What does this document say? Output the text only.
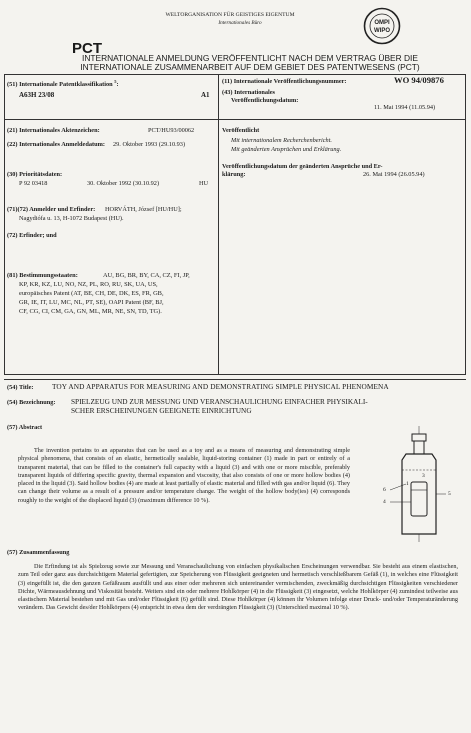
PCT
WELTORGANISATION FÜR GEISTIGES EIGENTUM
Internationales Büro	OMPI
WIPO
INTERNATIONALE ANMELDUNG VERÖFFENTLICHT NACH DEM VERTRAG ÜBER DIE
INTERNATIONALE ZUSAMMENARBEIT AUF DEM GEBIET DES PATENTWESENS (PCT)
(51) Internationale Patentklassifikation $^5$:
A63H 23/08	A1
(21) Internationales Aktenzeichen:	PCT/HU93/00062
(22) Internationales Anmeldedatum: 29. Oktober 1993 (29.10.93)
(30) Prioritätsdaten:
P 92 03418	30. Oktober 1992 (30.10.92)	HU
(71)(72) Anmelder und Erfinder: HORVÁTH, József [HU/HU];
Nagydiófa u. 13, H-1072 Budapest (HU).
(72) Erfinder; und
(81) Bestimmungsstaaten:	AU, BG, BR, BY, CA, CZ, FI, JP,
KP, KR, KZ, LU, NO, NZ, PL, RO, RU, SK, UA, US,
europäisches Patent (AT, BE, CH, DE, DK, ES, FR, GB,
GR, IE, IT, LU, MC, NL, PT, SE), OAPI Patent (BF, BJ,
CF, CG, CI, CM, GA, GN, ML, MR, NE, SN, TD, TG).
(11) Internationale Veröffentlichungsnummer:	WO 94/09876
(43) Internationales
Veröffentlichungsdatum:
11. Mai 1994 (11.05.94)
Veröffentlicht
Mit internationalem Recherchenbericht.
Mit geänderten Ansprüchen und Erklärung.
Veröffentlichungsdatum der geänderten Ansprüche und Er-
klärung:	26. Mai 1994 (26.05.94)
(54) Title:	TOY AND APPARATUS FOR MEASURING AND DEMONSTRATING SIMPLE PHYSICAL PHENOMENA
(54) Bezeichnung: SPIELZEUG UND ZUR MESSUNG UND VERANSCHAULICHUNG EINFACHER PHYSIKALI-
SCHER ERSCHEINUNGEN GEEIGNETE EINRICHTUNG
(57) Abstract
The invention pertains to an apparatus that can be used as a toy and as a means of measuring and demonstrating simple physical phenomena, that consists of an elastic, hermetically sealable, liquid-storing container (1) made in part or entirely of a transparent material, that can be filled to the container's full capacity with a liquid (3) and with one or more miscible, preferably transparent liquids of differing specific gravity, thermal expansion and viscosity, that also consists of one or more hollow bodies (4) placed in the liquid (3). Said hollow bodies (4) are made at least partially of elastic material and filled with gas and/or liquid (6). They can change their volume as a result of a pressure and/or temperature change. The weight of the hollow body(ies) (4) corresponds roughly to the weight of the displaced liquid (3) (maximum difference 10 %).
1
6
4
3
5
(57) Zusammenfassung
Die Erfindung ist als Spielzeug sowie zur Messung und Veranschaulichung von einfachen physikalischen Erscheinungen verwendbar. Sie besteht aus einem elastischen, zum Teil oder ganz aus durchsichtigem Material gefertigten, zur Speicherung von Flüssigkeit geeigneten und hermetisch verschließbarem Gefäß (1), in welches eine Flüssigkeit (3) eingefüllt ist, die den ganzen Gefäßraum ausfüllt und aus einer oder mehreren sich untereinander vermischenden, zweckmäßig durchsichtigen Flüssigkeiten verschiedener Dichte, Wärmeausdehnung und Viskosität besteht. Weiters sind ein oder mehrere Hohlkörper (4) in die Flüssigkeit (3) eingesetzt, welche Hohlkörper (4) zumindest teilweise aus elastischem Material bestehen und mit Gas und/oder Flüssigkeit (6) gefüllt sind. Diese Hohlkörper (4) können ihr Volumen infolge einer Druck- und/oder Temperaturänderung verändern. Das Gewicht des/der Hohlkörpers (4) entspricht in etwa dem der verdrängten Flüssigkeit (3) (Unterschied maximal 10 %).
